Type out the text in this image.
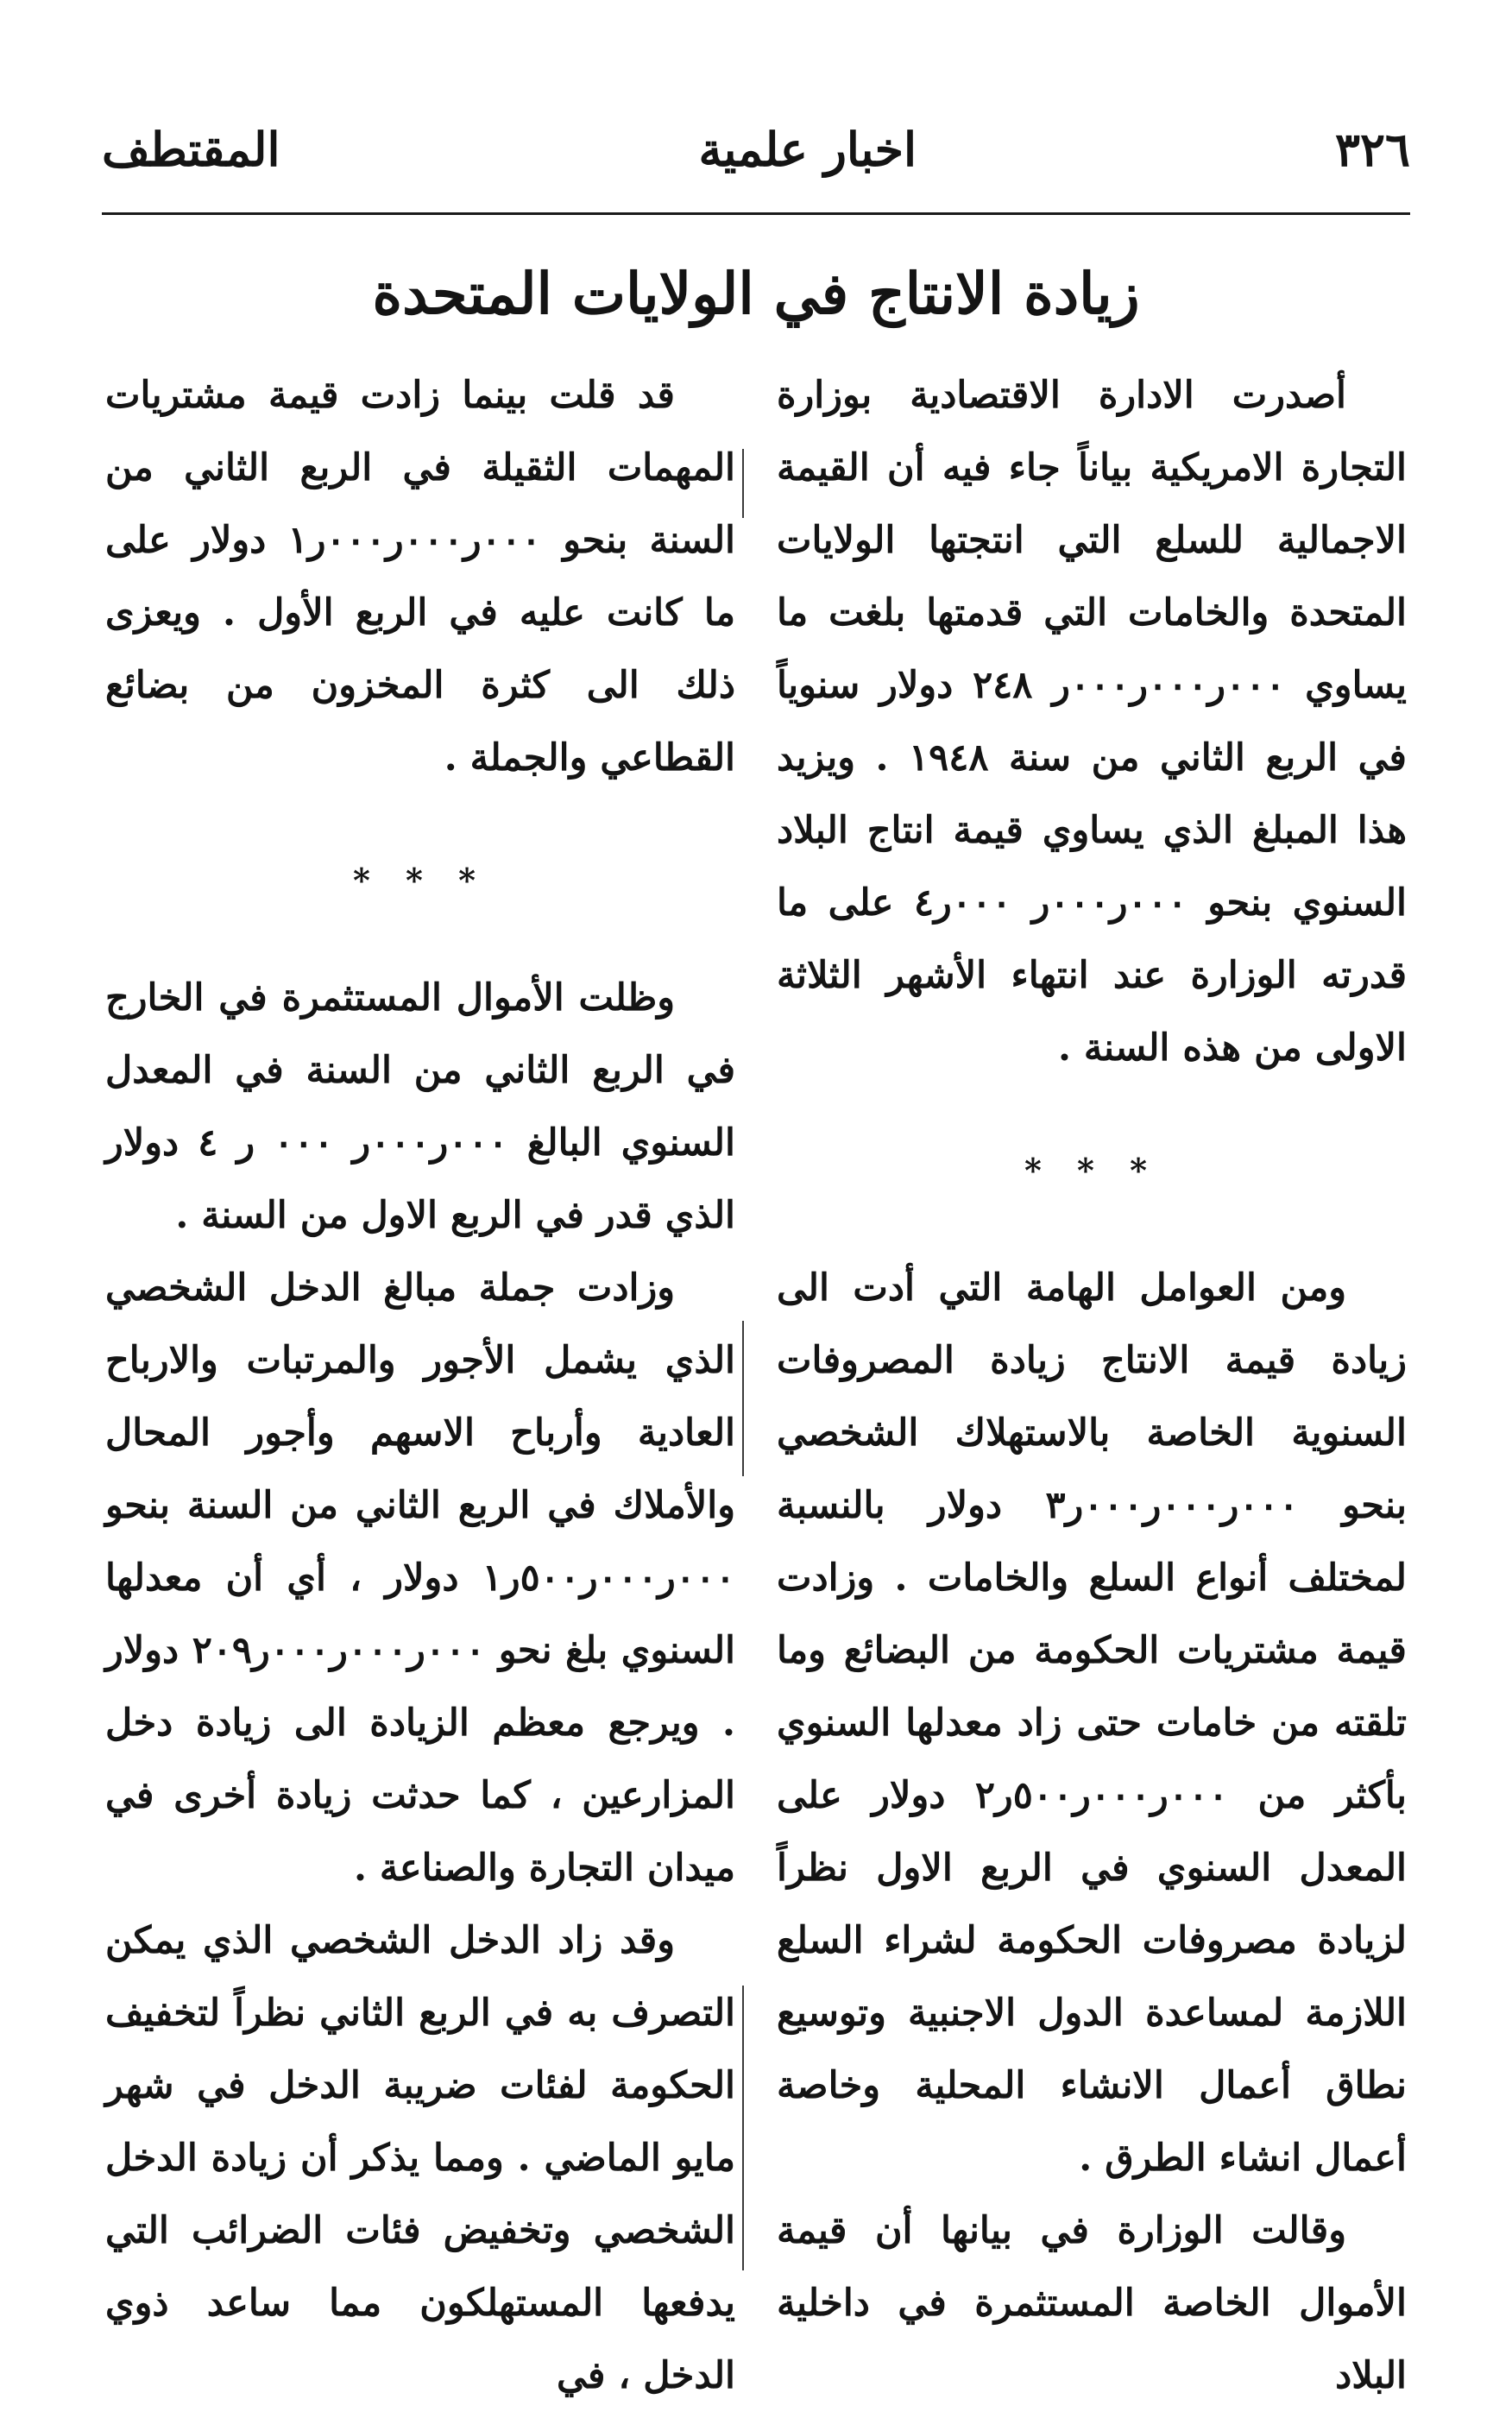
٣٢٦
اخبار علمية
المقتطف
زيادة الانتاج في الولايات المتحدة

أصدرت الادارة الاقتصادية بوزارة التجارة الامريكية بياناً جاء فيه أن القيمة الاجمالية للسلع التي انتجتها الولايات المتحدة والخامات التي قدمتها بلغت ما يساوي ٠٠٠ر٠٠٠ر٠٠٠ر ٢٤٨ دولار سنوياً في الربع الثاني من سنة ١٩٤٨ . ويزيد هذا المبلغ الذي يساوي قيمة انتاج البلاد السنوي بنحو ٠٠٠ر٠٠٠ر ٠٠٠ر٤ على ما قدرته الوزارة عند انتهاء الأشهر الثلاثة الاولى من هذه السنة .

* * *

ومن العوامل الهامة التي أدت الى زيادة قيمة الانتاج زيادة المصروفات السنوية الخاصة بالاستهلاك الشخصي بنحو ٠٠٠ر٠٠٠ر٠٠٠ر٣ دولار بالنسبة لمختلف أنواع السلع والخامات . وزادت قيمة مشتريات الحكومة من البضائع وما تلقته من خامات حتى زاد معدلها السنوي بأكثر من ٠٠٠ر٠٠٠ر٥٠٠ر٢ دولار على المعدل السنوي في الربع الاول نظراً لزيادة مصروفات الحكومة لشراء السلع اللازمة لمساعدة الدول الاجنبية وتوسيع نطاق أعمال الانشاء المحلية وخاصة أعمال انشاء الطرق .

وقالت الوزارة في بيانها أن قيمة الأموال الخاصة المستثمرة في داخلية البلاد

قد قلت بينما زادت قيمة مشتريات المهمات الثقيلة في الربع الثاني من السنة بنحو ٠٠٠ر٠٠٠ر٠٠٠ر١ دولار على ما كانت عليه في الربع الأول . ويعزى ذلك الى كثرة المخزون من بضائع القطاعي والجملة .

* * *

وظلت الأموال المستثمرة في الخارج في الربع الثاني من السنة في المعدل السنوي البالغ ٠٠٠ر٠٠٠ر ٠٠٠ ر ٤ دولار الذي قدر في الربع الاول من السنة .

وزادت جملة مبالغ الدخل الشخصي الذي يشمل الأجور والمرتبات والارباح العادية وأرباح الاسهم وأجور المحال والأملاك في الربع الثاني من السنة بنحو ٠٠٠ر٠٠٠ر٥٠٠ر١ دولار ، أي أن معدلها السنوي بلغ نحو ٠٠٠ر٠٠٠ر٠٠٠ر٢٠٩ دولار . ويرجع معظم الزيادة الى زيادة دخل المزارعين ، كما حدثت زيادة أخرى في ميدان التجارة والصناعة .

وقد زاد الدخل الشخصي الذي يمكن التصرف به في الربع الثاني نظراً لتخفيف الحكومة لفئات ضريبة الدخل في شهر مايو الماضي . ومما يذكر أن زيادة الدخل الشخصي وتخفيض فئات الضرائب التي يدفعها المستهلكون مما ساعد ذوي الدخل ، في
